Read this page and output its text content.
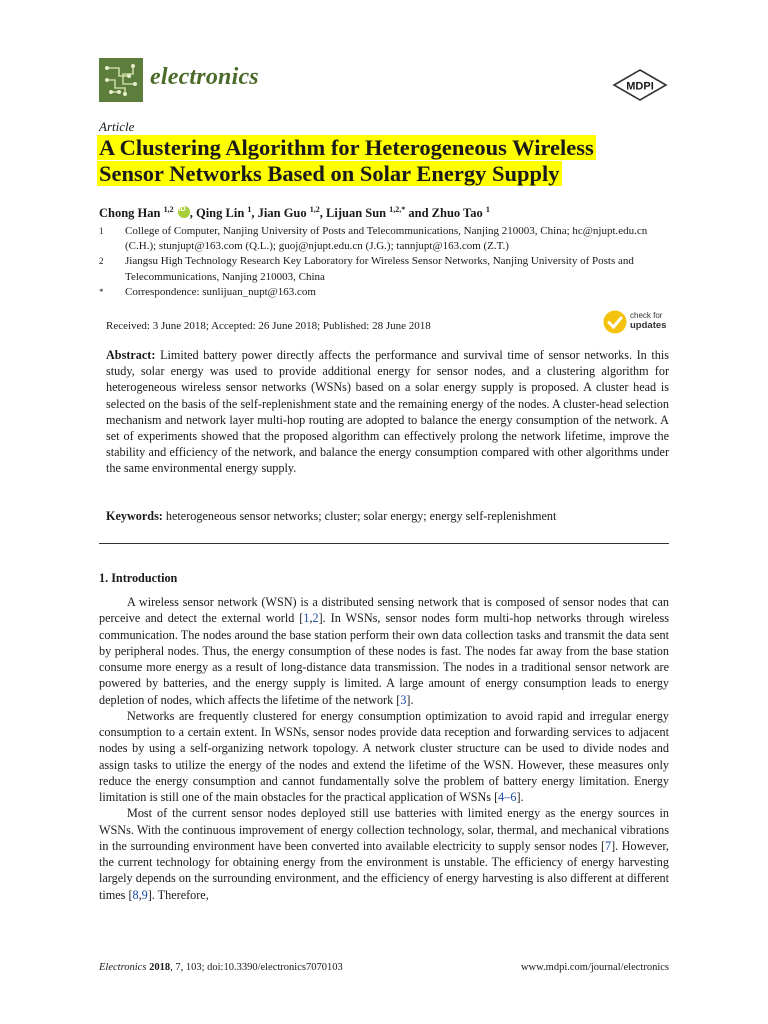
electronics	MDPI
Article
A Clustering Algorithm for Heterogeneous Wireless
Sensor Networks Based on Solar Energy Supply
Chong Han $^{1,2}$ iD , Qing Lin $^1$, Jian Guo $^{1,2}$, Lijuan Sun $^{1,2,*}$ and Zhuo Tao $^1$
1	College of Computer, Nanjing University of Posts and Telecommunications, Nanjing 210003, China; hc@njupt.edu.cn (C.H.); stunjupt@163.com (Q.L.); guoj@njupt.edu.cn (J.G.); tannjupt@163.com (Z.T.)
2	Jiangsu High Technology Research Key Laboratory for Wireless Sensor Networks, Nanjing University of Posts and Telecommunications, Nanjing 210003, China
*	Correspondence: sunlijuan_nupt@163.com
Received: 3 June 2018; Accepted: 26 June 2018; Published: 28 June 2018
check for
updates
Abstract: Limited battery power directly affects the performance and survival time of sensor networks. In this study, solar energy was used to provide additional energy for sensor nodes, and a clustering algorithm for heterogeneous wireless sensor networks (WSNs) based on a solar energy supply is proposed. A cluster head is selected on the basis of the self-replenishment state and the remaining energy of the nodes. A cluster-head selection mechanism and network layer multi-hop routing are adopted to balance the energy consumption of the network. A set of experiments showed that the proposed algorithm can effectively prolong the network lifetime, improve the stability and efficiency of the network, and balance the energy consumption compared with other algorithms under the same environmental energy supply.
Keywords: heterogeneous sensor networks; cluster; solar energy; energy self-replenishment
1. Introduction

A wireless sensor network (WSN) is a distributed sensing network that is composed of sensor nodes that can perceive and detect the external world [1,2]. In WSNs, sensor nodes form multi-hop networks through wireless communication. The nodes around the base station perform their own data collection tasks and transmit the data sent by peripheral nodes. Thus, the energy consumption of these nodes is fast. The nodes far away from the base station consume more energy as a result of long-distance data transmission. The nodes in a traditional sensor network are powered by batteries, and the energy supply is limited. A large amount of energy consumption leads to energy depletion of nodes, which affects the lifetime of the network [3].

Networks are frequently clustered for energy consumption optimization to avoid rapid and irregular energy consumption to a certain extent. In WSNs, sensor nodes provide data reception and forwarding services to adjacent nodes by using a self-organizing network topology. A network cluster structure can be used to divide nodes and assign tasks to utilize the energy of the nodes and extend the lifetime of the WSN. However, these measures only reduce the energy consumption and cannot fundamentally solve the problem of battery energy limitation. Energy limitation is still one of the main obstacles for the practical application of WSNs [4–6].

Most of the current sensor nodes deployed still use batteries with limited energy as the energy sources in WSNs. With the continuous improvement of energy collection technology, solar, thermal, and mechanical vibrations in the surrounding environment have been converted into available electricity to supply sensor nodes [7]. However, the current technology for obtaining energy from the environment is unstable. The efficiency of energy harvesting largely depends on the surrounding environment, and the efficiency of energy harvesting is also different at different times [8,9]. Therefore,

Electronics 2018, 7, 103; doi:10.3390/electronics7070103	www.mdpi.com/journal/electronics
